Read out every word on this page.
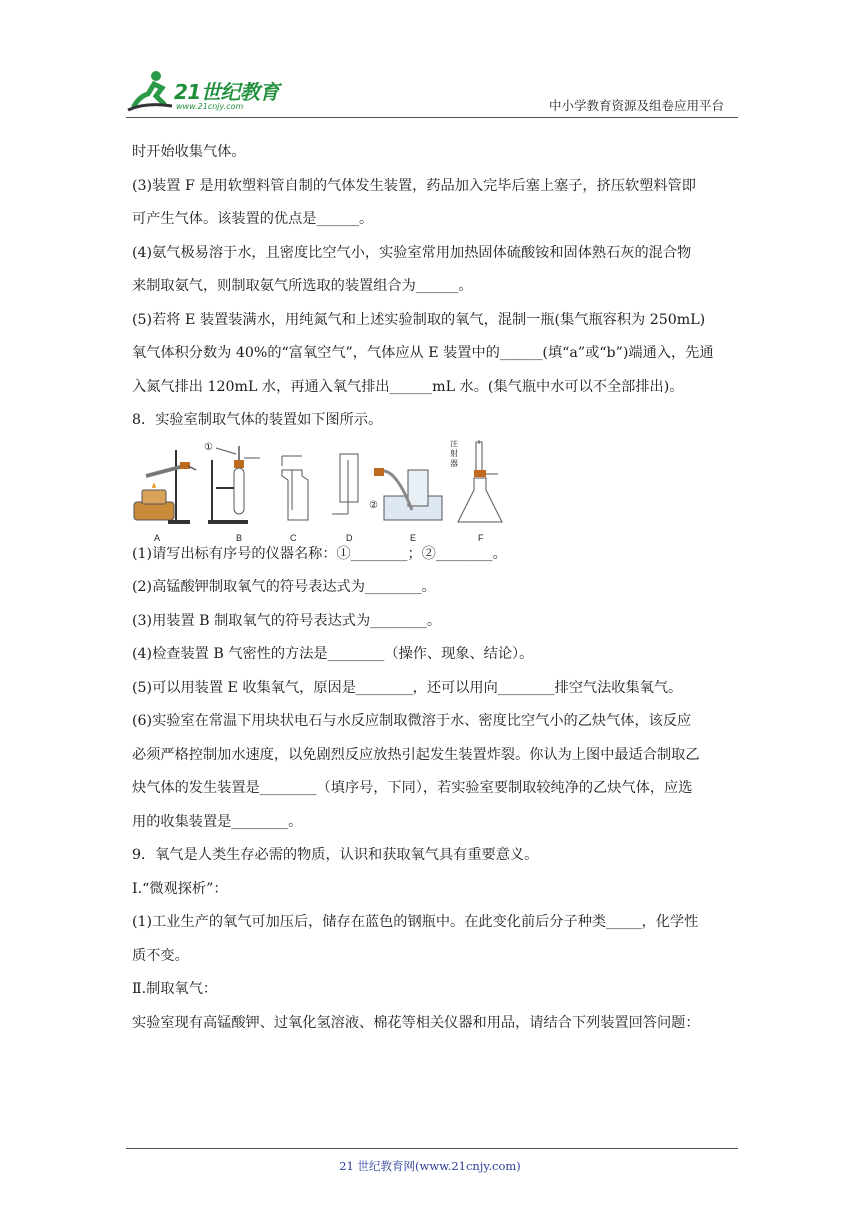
21世纪教育
www.21cnjy.com	中小学教育资源及组卷应用平台

时开始收集气体。

(3)装置 F 是用软塑料管自制的气体发生装置，药品加入完毕后塞上塞子，挤压软塑料管即

可产生气体。该装置的优点是______。

(4)氨气极易溶于水，且密度比空气小，实验室常用加热固体硫酸铵和固体熟石灰的混合物

来制取氨气，则制取氨气所选取的装置组合为______。

(5)若将 E 装置装满水，用纯氮气和上述实验制取的氧气，混制一瓶(集气瓶容积为 250mL)

氧气体积分数为 40%的“富氧空气”，气体应从 E 装置中的______(填“a”或“b”)端通入，先通

入氮气排出 120mL 水，再通入氧气排出______mL 水。(集气瓶中水可以不全部排出)。

8．实验室制取气体的装置如下图所示。

①
②
注
射
器
A	B	C	D	E	F

(1)请写出标有序号的仪器名称：①________；②________。

(2)高锰酸钾制取氧气的符号表达式为________。

(3)用装置 B 制取氧气的符号表达式为________。

(4)检查装置 B 气密性的方法是________（操作、现象、结论）。

(5)可以用装置 E 收集氧气，原因是________，还可以用向________排空气法收集氧气。

(6)实验室在常温下用块状电石与水反应制取微溶于水、密度比空气小的乙炔气体，该反应

必须严格控制加水速度，以免剧烈反应放热引起发生装置炸裂。你认为上图中最适合制取乙

炔气体的发生装置是________（填序号，下同），若实验室要制取较纯净的乙炔气体，应选

用的收集装置是________。

9．氧气是人类生存必需的物质，认识和获取氧气具有重要意义。

I.“微观探析”：

(1)工业生产的氧气可加压后，储存在蓝色的钢瓶中。在此变化前后分子种类_____，化学性

质不变。

Ⅱ.制取氧气：

实验室现有高锰酸钾、过氧化氢溶液、棉花等相关仪器和用品，请结合下列装置回答问题：

21 世纪教育网(www.21cnjy.com)
